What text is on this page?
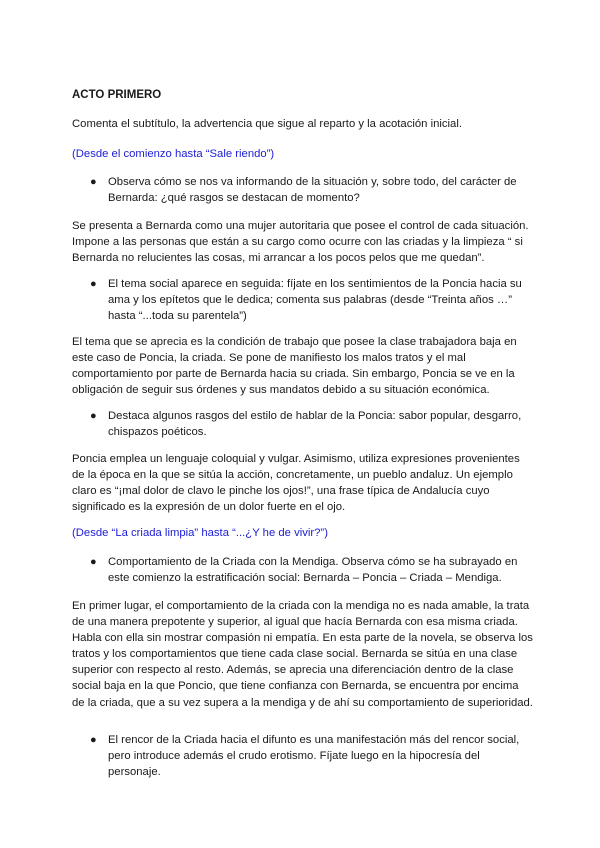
ACTO PRIMERO

Comenta el subtítulo, la advertencia que sigue al reparto y la acotación inicial.

(Desde el comienzo hasta “Sale riendo”)

● Observa cómo se nos va informando de la situación y, sobre todo, del carácter de Bernarda: ¿qué rasgos se destacan de momento?

Se presenta a Bernarda como una mujer autoritaria que posee el control de cada situación. Impone a las personas que están a su cargo como ocurre con las criadas y la limpieza “ si Bernarda no relucientes las cosas, mi arrancar a los pocos pelos que me quedan”.

● El tema social aparece en seguida: fíjate en los sentimientos de la Poncia hacia su ama y los epítetos que le dedica; comenta sus palabras (desde “Treinta años …” hasta “...toda su parentela”)

El tema que se aprecia es la condición de trabajo que posee la clase trabajadora baja en este caso de Poncia, la criada. Se pone de manifiesto los malos tratos y el mal comportamiento por parte de Bernarda hacia su criada. Sin embargo, Poncia se ve en la obligación de seguir sus órdenes y sus mandatos debido a su situación económica.

● Destaca algunos rasgos del estilo de hablar de la Poncia: sabor popular, desgarro, chispazos poéticos.

Poncia emplea un lenguaje coloquial y vulgar. Asimismo, utiliza expresiones provenientes de la época en la que se sitúa la acción, concretamente, un pueblo andaluz. Un ejemplo claro es “¡mal dolor de clavo le pinche los ojos!”, una frase típica de Andalucía cuyo significado es la expresión de un dolor fuerte en el ojo.

(Desde “La criada limpia” hasta “...¿Y he de vivir?”)

● Comportamiento de la Criada con la Mendiga. Observa cómo se ha subrayado en este comienzo la estratificación social: Bernarda – Poncia – Criada – Mendiga.

En primer lugar, el comportamiento de la criada con la mendiga no es nada amable, la trata de una manera prepotente y superior, al igual que hacía Bernarda con esa misma criada. Habla con ella sin mostrar compasión ni empatía. En esta parte de la novela, se observa los tratos y los comportamientos que tiene cada clase social. Bernarda se sitúa en una clase superior con respecto al resto. Además, se aprecia una diferenciación dentro de la clase social baja en la que Poncio, que tiene confianza con Bernarda, se encuentra por encima de la criada, que a su vez supera a la mendiga y de ahí su comportamiento de superioridad.

● El rencor de la Criada hacia el difunto es una manifestación más del rencor social, pero introduce además el crudo erotismo. Fíjate luego en la hipocresía del personaje.
